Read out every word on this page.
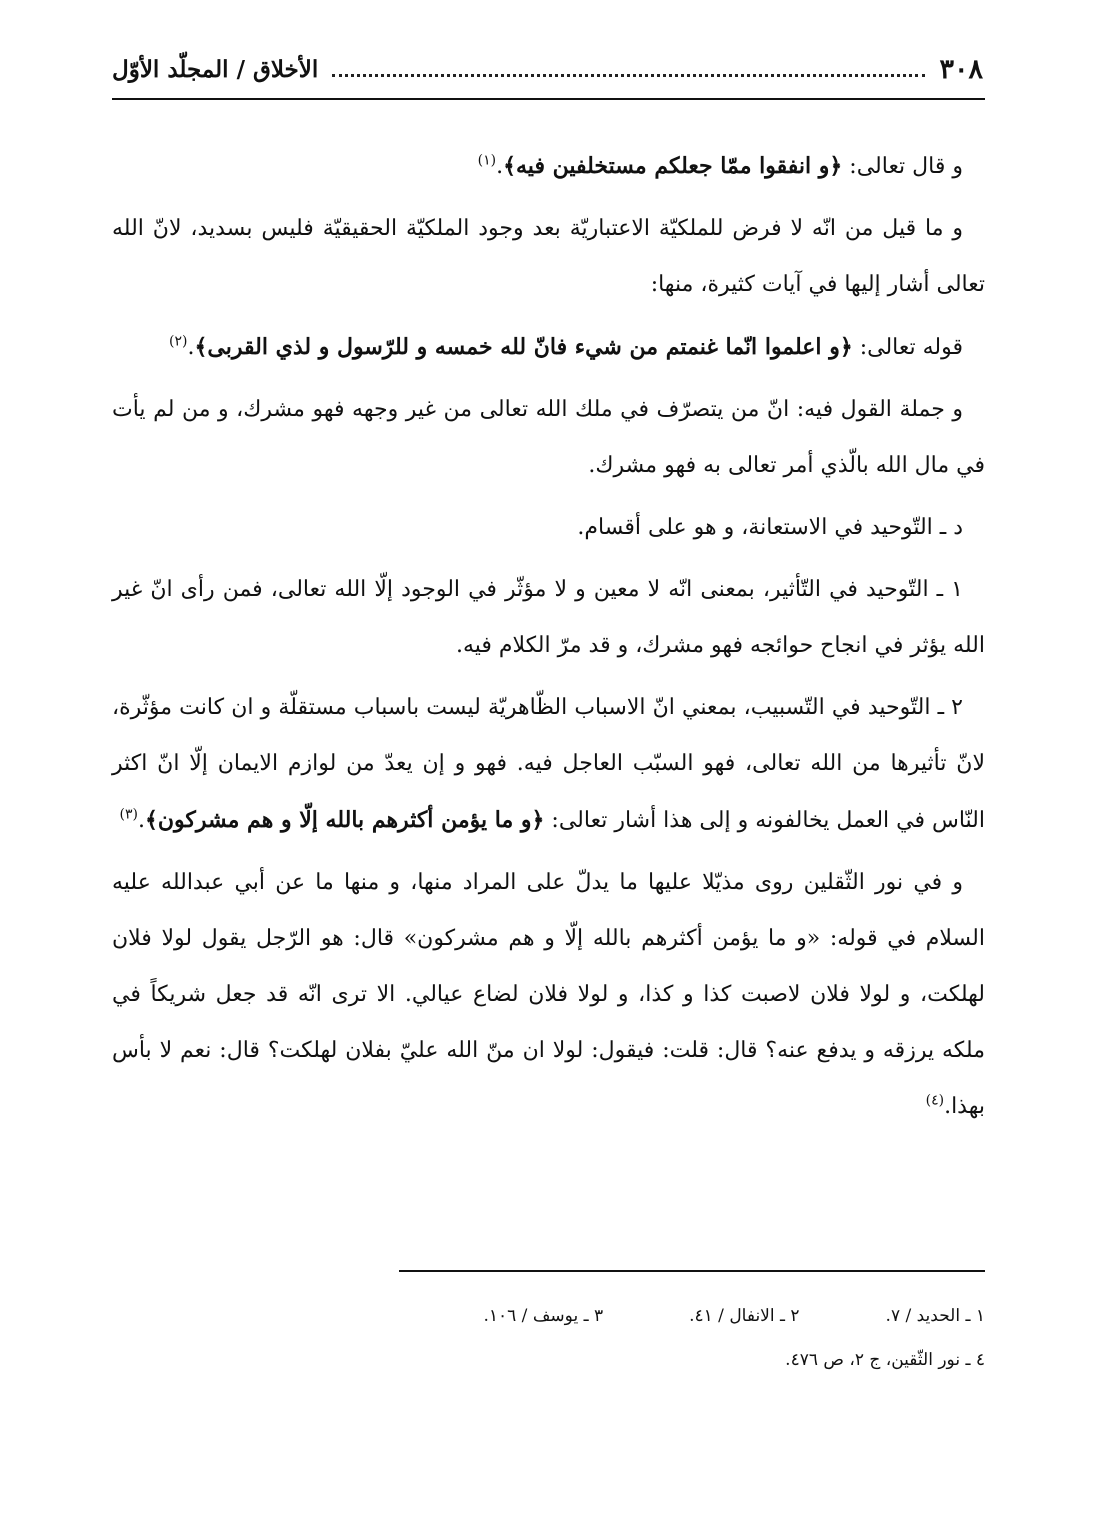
٣٠٨
الأخلاق / المجلّد الأوّل

و قال تعالى: ﴿و انفقوا ممّا جعلكم مستخلفين فيه﴾.$^{(١)}$

و ما قيل من انّه لا فرض للملكيّة الاعتباريّة بعد وجود الملكيّة الحقيقيّة فليس بسديد، لانّ الله تعالى أشار إليها في آيات كثيرة، منها:

قوله تعالى: ﴿و اعلموا انّما غنمتم من شيء فانّ لله خمسه و للرّسول و لذي القربى﴾.$^{(٢)}$

و جملة القول فيه: انّ من يتصرّف في ملك الله تعالى من غير وجهه فهو مشرك، و من لم يأت في مال الله بالّذي أمر تعالى به فهو مشرك.

د ـ التّوحيد في الاستعانة، و هو على أقسام.

١ ـ التّوحيد في التّأثير، بمعنى انّه لا معين و لا مؤثّر في الوجود إلّا الله تعالى، فمن رأى انّ غير الله يؤثر في انجاح حوائجه فهو مشرك، و قد مرّ الكلام فيه.

٢ ـ التّوحيد في التّسبيب، بمعني انّ الاسباب الظّاهريّة ليست باسباب مستقلّة و ان كانت مؤثّرة، لانّ تأثيرها من الله تعالى، فهو السبّب العاجل فيه. فهو و إن يعدّ من لوازم الايمان إلّا انّ اكثر النّاس في العمل يخالفونه و إلى هذا أشار تعالى: ﴿و ما يؤمن أكثرهم بالله إلّا و هم مشركون﴾.$^{(٣)}$

و في نور الثّقلين روى مذيّلا عليها ما يدلّ على المراد منها، و منها ما عن أبي عبدالله عليه السلام في قوله: «و ما يؤمن أكثرهم بالله إلّا و هم مشركون» قال: هو الرّجل يقول لولا فلان لهلكت، و لولا فلان لاصبت كذا و كذا، و لولا فلان لضاع عيالي. الا ترى انّه قد جعل شريكاً في ملكه يرزقه و يدفع عنه؟ قال: قلت: فيقول: لولا ان منّ الله عليّ بفلان لهلكت؟ قال: نعم لا بأس بهذا.$^{(٤)}$

١ ـ الحديد / ٧.
٢ ـ الانفال / ٤١.
٣ ـ يوسف / ١٠٦.
٤ ـ نور الثّقين، ج ٢، ص ٤٧٦.
